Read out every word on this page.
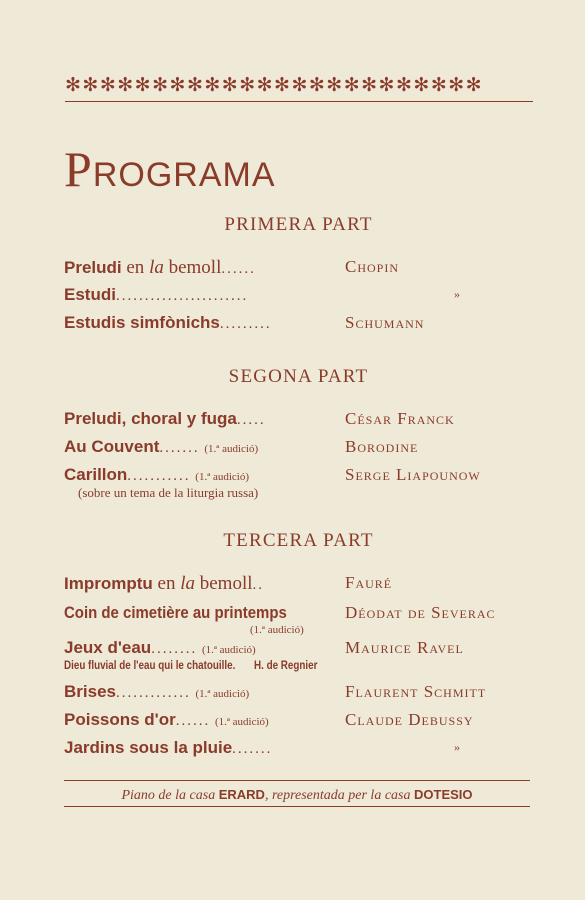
✻✻✻✻✻✻✻✻✻✻✻✻✻✻✻✻✻✻✻✻✻✻✻✻
PROGRAMA
PRIMERA PART
Preludi en la bemoll......	Chopin
Estudi.......................	»
Estudis simfònichs.........	Schumann
SEGONA PART
Preludi, choral y fuga.....	César Franck
Au Couvent....... (1.ª audició)	Borodine
Carillon........... (1.ª audició)	Serge Liapounow
(sobre un tema de la liturgia russa)
TERCERA PART
Impromptu en la bemoll..	Fauré
Coin de cimetière au printemps	Déodat de Severac
(1.ª audició)
Jeux d'eau........ (1.ª audició)	Maurice Ravel
Dieu fluvial de l'eau qui le chatouille. H. de Regnier
Brises............. (1.ª audició)	Flaurent Schmitt
Poissons d'or...... (1.ª audició)	Claude Debussy
Jardins sous la pluie.......	»
Piano de la casa ERARD, representada per la casa DOTESIO
